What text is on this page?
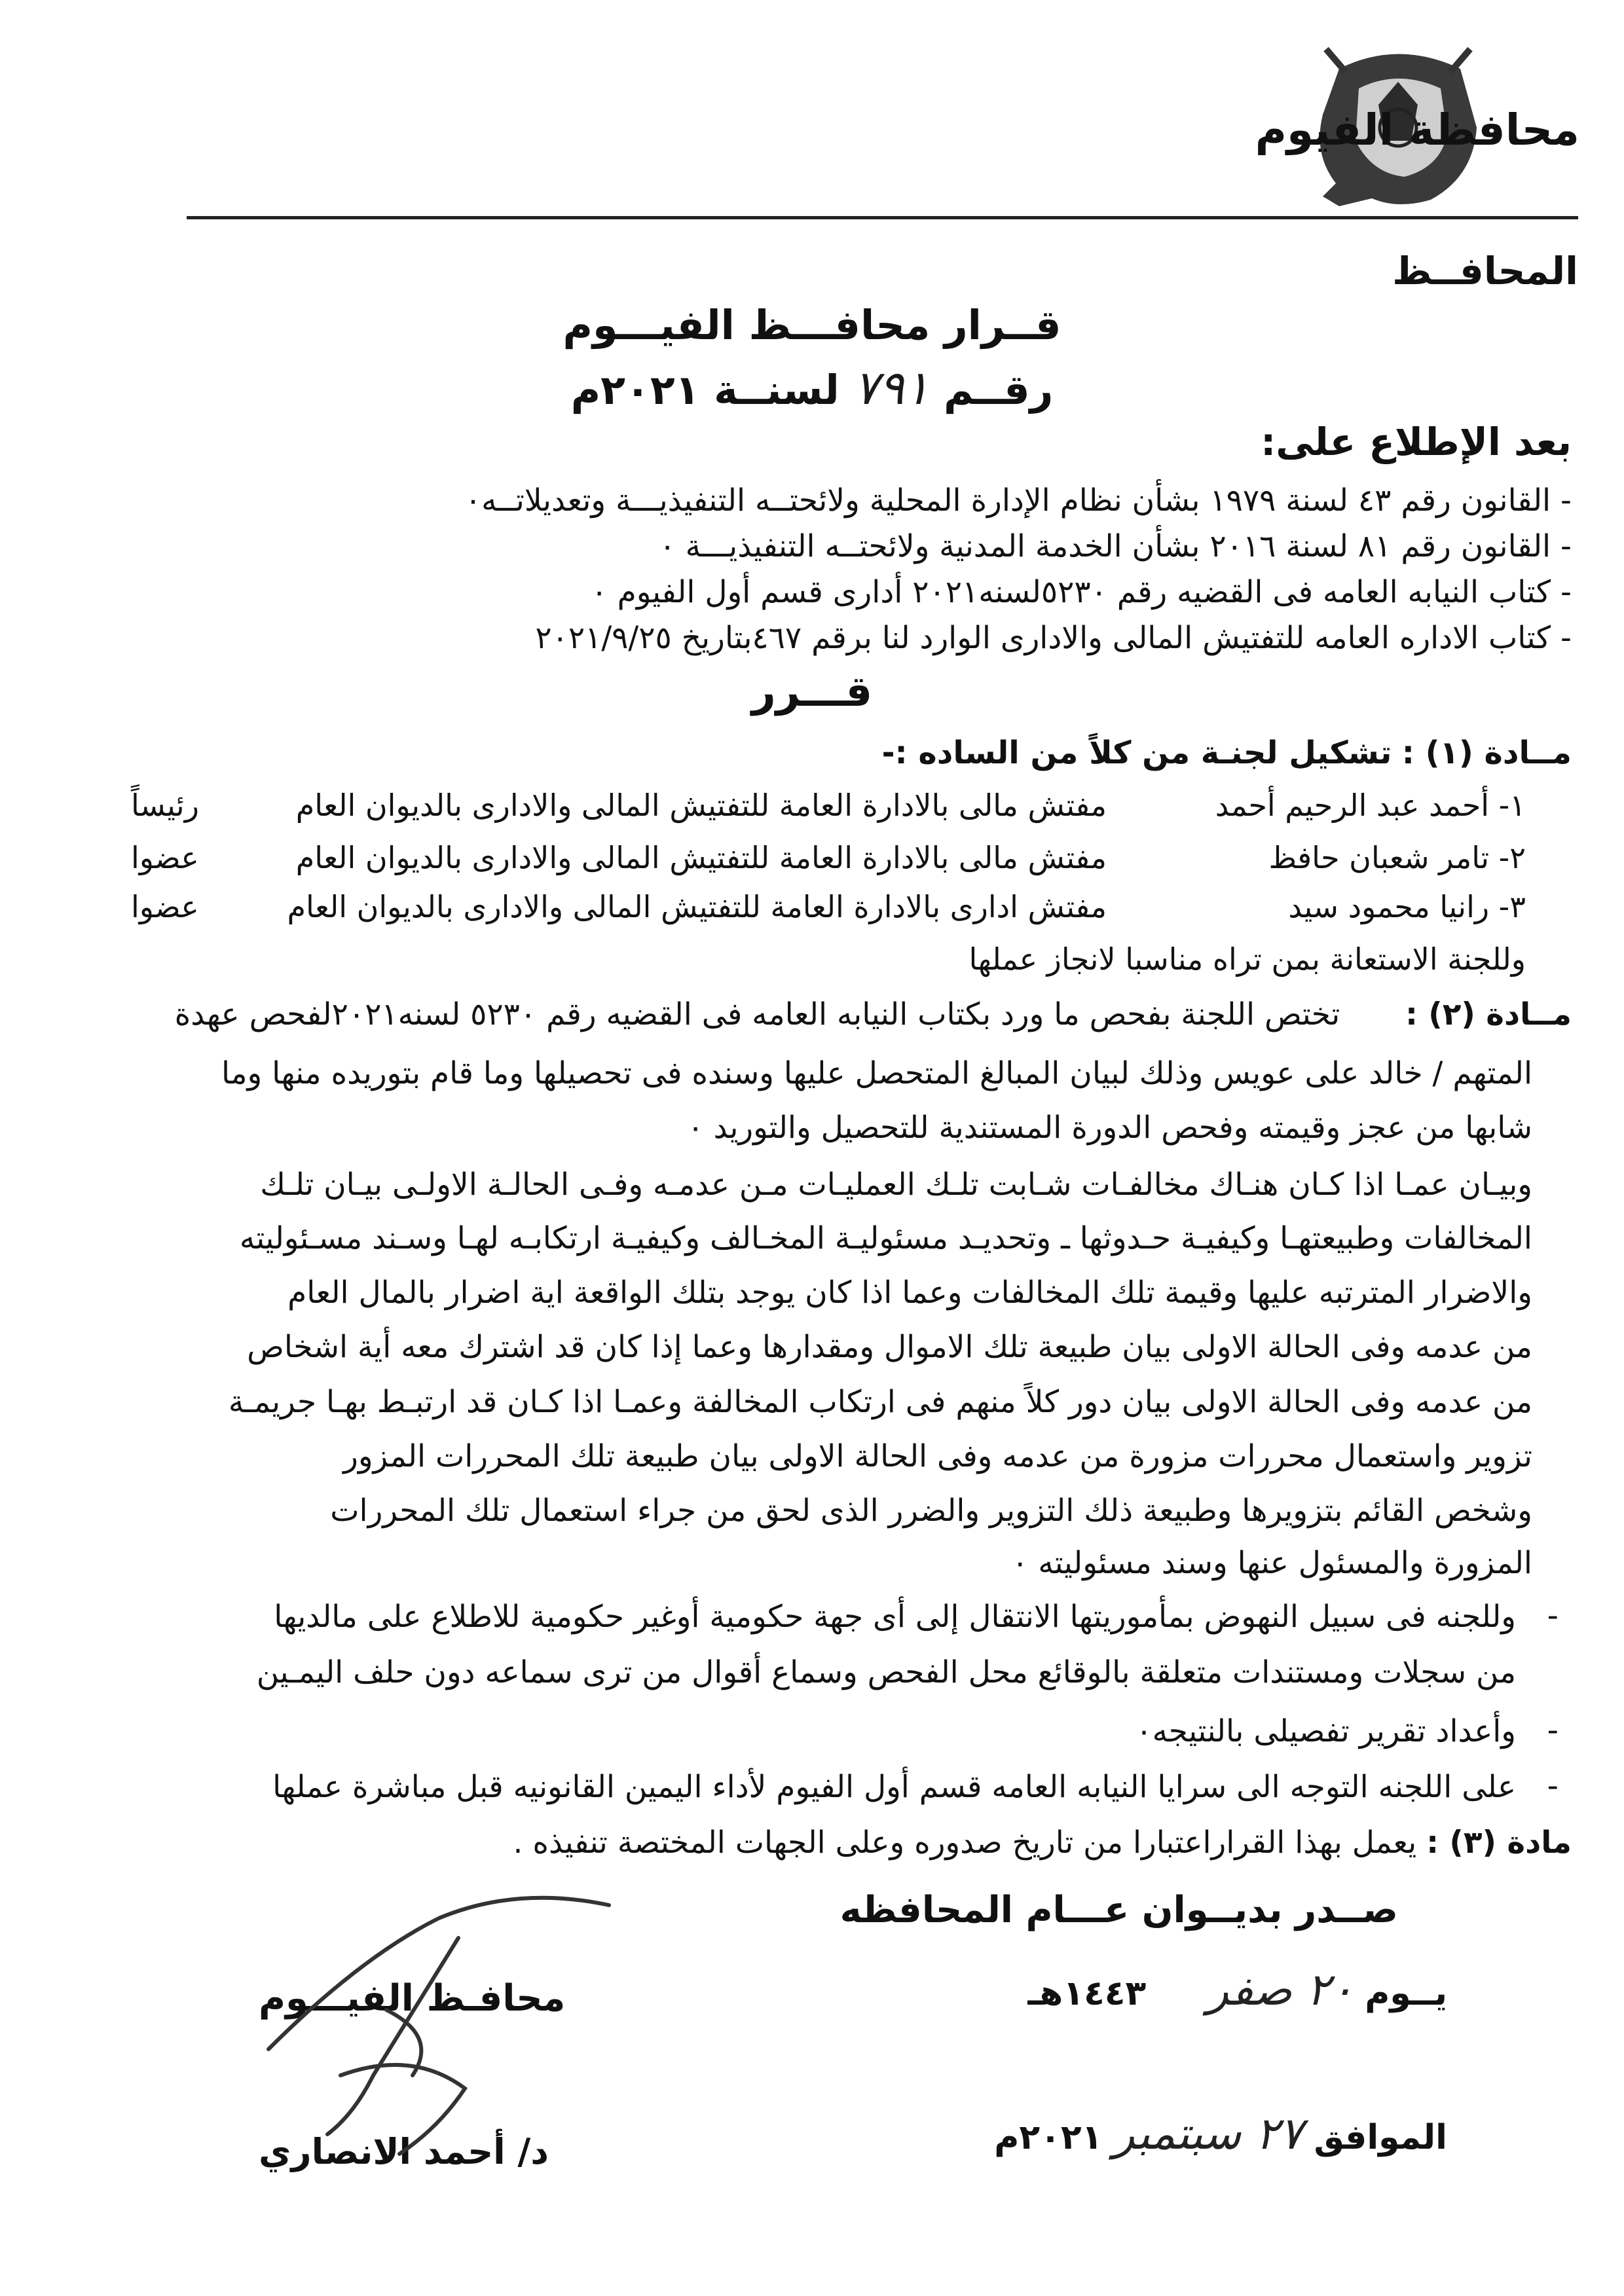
محافظة الفيوم
المحافــظ
قــرار محافـــظ الفيـــوم
رقــم ٧٩١ لسنــة ٢٠٢١م
بعد الإطلاع على:
- القانون رقم ٤٣ لسنة ١٩٧٩ بشأن نظام الإدارة المحلية ولائحتــه التنفيذيـــة وتعديلاتــه٠
- القانون رقم ٨١ لسنة ٢٠١٦ بشأن الخدمة المدنية ولائحتــه التنفيذيـــة ٠
- كتاب النيابه العامه فى القضيه رقم ٥٢٣٠لسنه٢٠٢١ أدارى قسم أول الفيوم ٠
- كتاب الاداره العامه للتفتيش المالى والادارى الوارد لنا برقم ٤٦٧بتاريخ ٢٠٢١/٩/٢٥
قـــرر
مــادة (١) : تشكيل لجنـة من كلاً من الساده :-
١- أحمد عبد الرحيم أحمد
مفتش مالى بالادارة العامة للتفتيش المالى والادارى بالديوان العام
رئيساً
٢- تامر شعبان حافظ
مفتش مالى بالادارة العامة للتفتيش المالى والادارى بالديوان العام
عضوا
٣- رانيا محمود سيد
مفتش ادارى بالادارة العامة للتفتيش المالى والادارى بالديوان العام
عضوا
وللجنة الاستعانة بمن تراه مناسبا لانجاز عملها
مــادة (٢) :  تختص اللجنة بفحص ما ورد بكتاب النيابه العامه فى القضيه رقم ٥٢٣٠ لسنه٢٠٢١لفحص عهدة
المتهم / خالد على عويس وذلك لبيان المبالغ المتحصل عليها وسنده فى تحصيلها وما قام بتوريده منها وما
شابها من عجز وقيمته وفحص الدورة المستندية للتحصيل والتوريد ٠
وبيـان عمـا اذا كـان هنـاك مخالفـات شـابت تلـك العمليـات مـن عدمـه وفـى الحالـة الاولـى بيـان تلـك
المخالفات وطبيعتهـا وكيفيـة حـدوثها ـ وتحديـد مسئوليـة المخـالف وكيفيـة ارتكابـه لهـا وسـند مسـئوليته
والاضرار المترتبه عليها وقيمة تلك المخالفات وعما اذا كان يوجد بتلك الواقعة اية اضرار بالمال العام
من عدمه وفى الحالة الاولى بيان طبيعة تلك الاموال ومقدارها وعما إذا كان قد اشترك معه أية اشخاص
من عدمه وفى الحالة الاولى بيان دور كلاً منهم فى ارتكاب المخالفة وعمـا اذا كـان قد ارتبـط بهـا جريمـة
تزوير واستعمال محررات مزورة من عدمه وفى الحالة الاولى بيان طبيعة تلك المحررات المزور
وشخص القائم بتزويرها وطبيعة ذلك التزوير والضرر الذى لحق من جراء استعمال تلك المحررات
المزورة والمسئول عنها وسند مسئوليته ٠
-
وللجنه فى سبيل النهوض بمأموريتها الانتقال إلى أى جهة حكومية أوغير حكومية للاطلاع على مالديها
من سجلات ومستندات متعلقة بالوقائع محل الفحص وسماع أقوال من ترى سماعه دون حلف اليمـين
-
وأعداد تقرير تفصيلى بالنتيجه٠
-
على اللجنه التوجه الى سرايا النيابه العامه قسم أول الفيوم لأداء اليمين القانونيه قبل مباشرة عملها
مادة (٣) : يعمل بهذا القراراعتبارا من تاريخ صدوره وعلى الجهات المختصة تنفيذه .
صــدر بديــوان عـــام المحافظه
يــوم ٢٠ صفر  ١٤٤٣هـ
الموافق ٢٧ سبتمبر ٢٠٢١م
محافـظ الفيـــوم
د/ أحمد الانصاري
